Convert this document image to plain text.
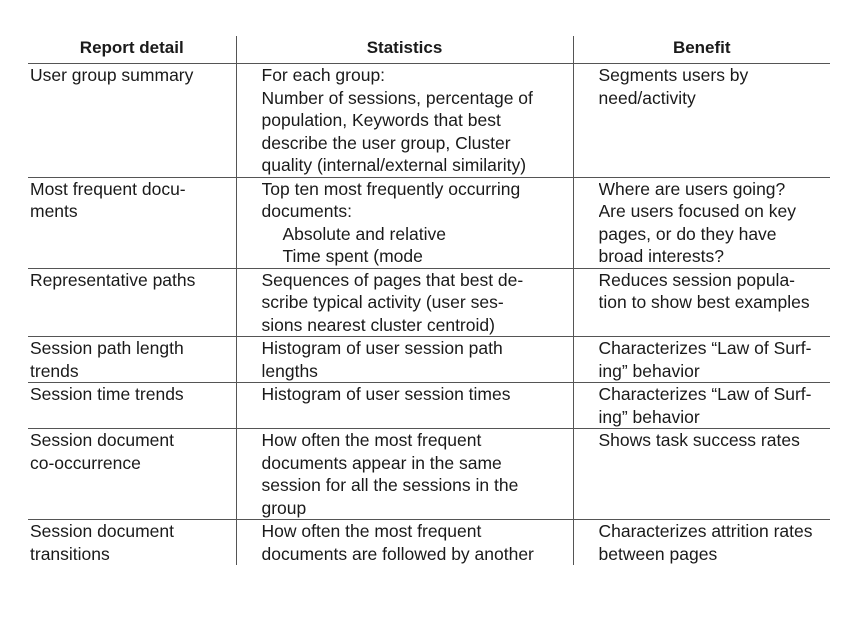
Report detail	Statistics	Benefit

User group summary	For each group:
Number of sessions, percentage of
population, Keywords that best
describe the user group, Cluster
quality (internal/external similarity)	Segments users by
need/activity

Most frequent docu-
ments	Top ten most frequently occurring
documents:
Absolute and relative
Time spent (mode	Where are users going?
Are users focused on key
pages, or do they have
broad interests?

Representative paths	Sequences of pages that best de-
scribe typical activity (user ses-
sions nearest cluster centroid)	Reduces session popula-
tion to show best examples

Session path length
trends	Histogram of user session path
lengths	Characterizes “Law of Surf-
ing” behavior

Session time trends	Histogram of user session times	Characterizes “Law of Surf-
ing” behavior

Session document
co-occurrence	How often the most frequent
documents appear in the same
session for all the sessions in the
group	Shows task success rates

Session document
transitions	How often the most frequent
documents are followed by another	Characterizes attrition rates
between pages
